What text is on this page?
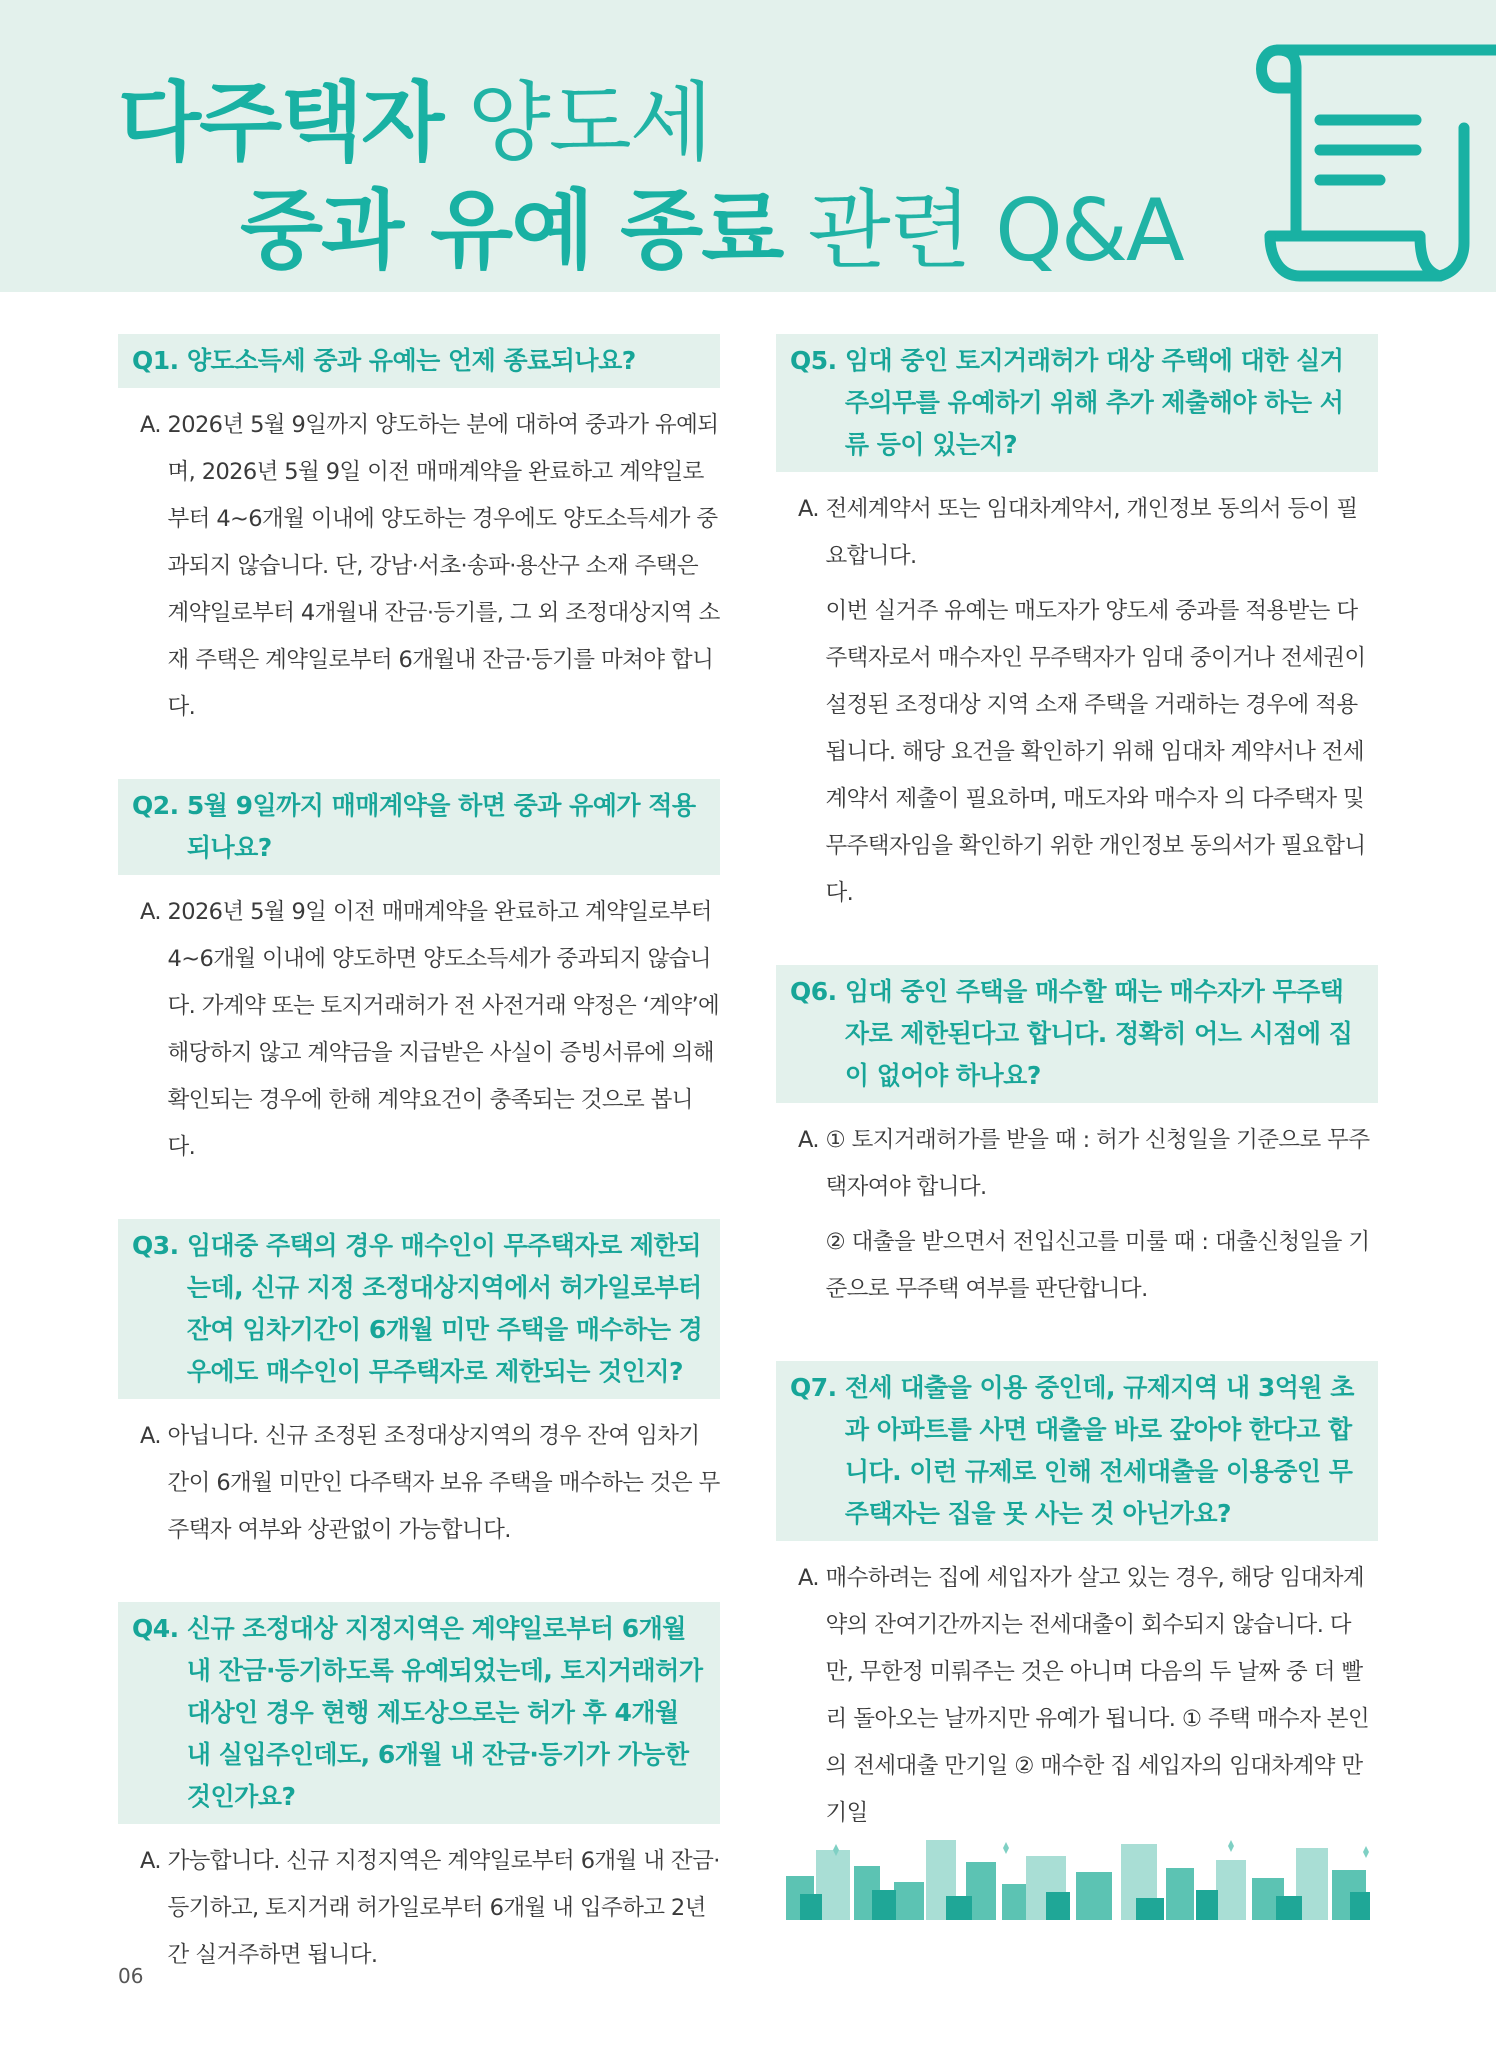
다주택자 양도세
중과 유예 종료 관련 Q&A
Q1. 양도소득세 중과 유예는 언제 종료되나요?
A. 2026년 5월 9일까지 양도하는 분에 대하여 중과가 유예되며, 2026년 5월 9일 이전 매매계약을 완료하고 계약일로부터 4~6개월 이내에 양도하는 경우에도 양도소득세가 중과되지 않습니다. 단, 강남·서초·송파·용산구 소재 주택은 계약일로부터 4개월내 잔금·등기를, 그 외 조정대상지역 소재 주택은 계약일로부터 6개월내 잔금·등기를 마쳐야 합니다.

Q2. 5월 9일까지 매매계약을 하면 중과 유예가 적용되나요?
A. 2026년 5월 9일 이전 매매계약을 완료하고 계약일로부터 4~6개월 이내에 양도하면 양도소득세가 중과되지 않습니다. 가계약 또는 토지거래허가 전 사전거래 약정은 ‘계약’에 해당하지 않고 계약금을 지급받은 사실이 증빙서류에 의해 확인되는 경우에 한해 계약요건이 충족되는 것으로 봅니다.

Q3. 임대중 주택의 경우 매수인이 무주택자로 제한되는데, 신규 지정 조정대상지역에서 허가일로부터 잔여 임차기간이 6개월 미만 주택을 매수하는 경우에도 매수인이 무주택자로 제한되는 것인지?
A. 아닙니다. 신규 조정된 조정대상지역의 경우 잔여 임차기간이 6개월 미만인 다주택자 보유 주택을 매수하는 것은 무주택자 여부와 상관없이 가능합니다.

Q4. 신규 조정대상 지정지역은 계약일로부터 6개월 내 잔금·등기하도록 유예되었는데, 토지거래허가 대상인 경우 현행 제도상으로는 허가 후 4개월 내 실입주인데도, 6개월 내 잔금·등기가 가능한 것인가요?
A. 가능합니다. 신규 지정지역은 계약일로부터 6개월 내 잔금·등기하고, 토지거래 허가일로부터 6개월 내 입주하고 2년간 실거주하면 됩니다.

Q5. 임대 중인 토지거래허가 대상 주택에 대한 실거주의무를 유예하기 위해 추가 제출해야 하는 서류 등이 있는지?
A. 전세계약서 또는 임대차계약서, 개인정보 동의서 등이 필요합니다.

이번 실거주 유예는 매도자가 양도세 중과를 적용받는 다주택자로서 매수자인 무주택자가 임대 중이거나 전세권이 설정된 조정대상 지역 소재 주택을 거래하는 경우에 적용됩니다. 해당 요건을 확인하기 위해 임대차 계약서나 전세 계약서 제출이 필요하며, 매도자와 매수자 의 다주택자 및 무주택자임을 확인하기 위한 개인정보 동의서가 필요합니다.

Q6. 임대 중인 주택을 매수할 때는 매수자가 무주택자로 제한된다고 합니다. 정확히 어느 시점에 집이 없어야 하나요?
A. ① 토지거래허가를 받을 때 : 허가 신청일을 기준으로 무주택자여야 합니다.

② 대출을 받으면서 전입신고를 미룰 때 : 대출신청일을 기준으로 무주택 여부를 판단합니다.

Q7. 전세 대출을 이용 중인데, 규제지역 내 3억원 초과 아파트를 사면 대출을 바로 갚아야 한다고 합니다. 이런 규제로 인해 전세대출을 이용중인 무주택자는 집을 못 사는 것 아닌가요?
A. 매수하려는 집에 세입자가 살고 있는 경우, 해당 임대차계약의 잔여기간까지는 전세대출이 회수되지 않습니다. 다만, 무한정 미뤄주는 것은 아니며 다음의 두 날짜 중 더 빨리 돌아오는 날까지만 유예가 됩니다. ① 주택 매수자 본인의 전세대출 만기일 ② 매수한 집 세입자의 임대차계약 만기일

06
